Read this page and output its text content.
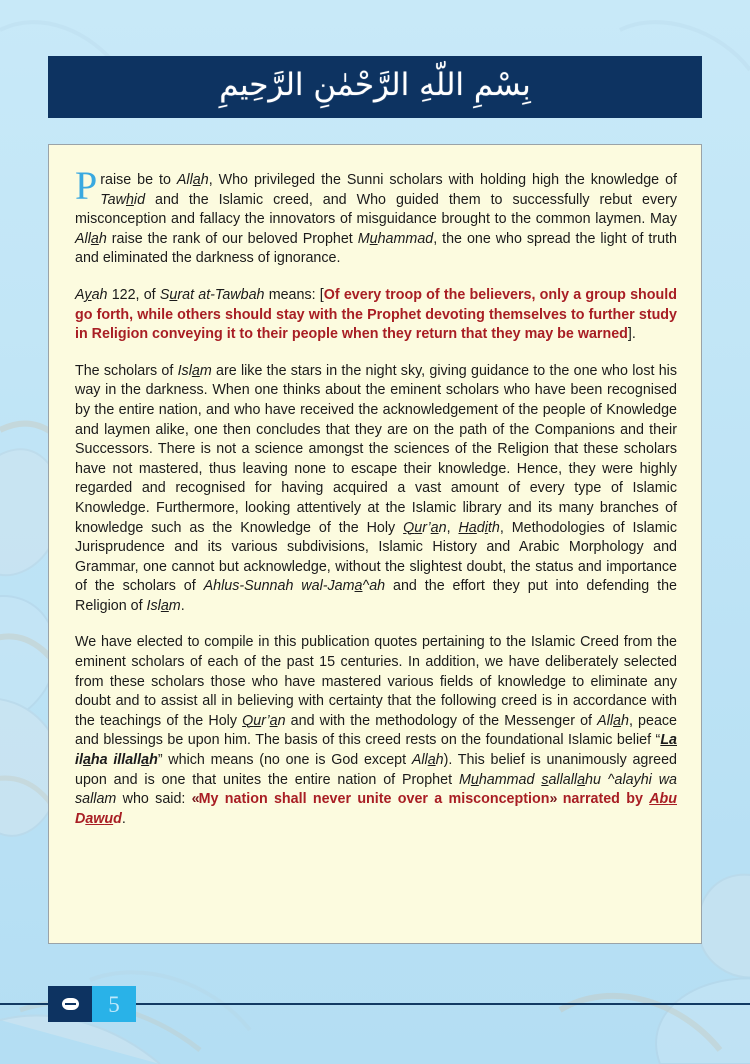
بِسْمِ اللّهِ الرَّحْمٰنِ الرَّحِيمِ

Praise be to Allah, Who privileged the Sunni scholars with holding high the knowledge of Tawhid and the Islamic creed, and Who guided them to successfully rebut every misconception and fallacy the innovators of misguidance brought to the common laymen. May Allah raise the rank of our beloved Prophet Muhammad, the one who spread the light of truth and eliminated the darkness of ignorance.

Ayah 122, of Surat at-Tawbah means: [Of every troop of the believers, only a group should go forth, while others should stay with the Prophet devoting themselves to further study in Religion conveying it to their people when they return that they may be warned].

The scholars of Islam are like the stars in the night sky, giving guidance to the one who lost his way in the darkness. When one thinks about the eminent scholars who have been recognised by the entire nation, and who have received the acknowledgement of the people of Knowledge and laymen alike, one then concludes that they are on the path of the Companions and their Successors. There is not a science amongst the sciences of the Religion that these scholars have not mastered, thus leaving none to escape their knowledge. Hence, they were highly regarded and recognised for having acquired a vast amount of every type of Islamic Knowledge. Furthermore, looking attentively at the Islamic library and its many branches of knowledge such as the Knowledge of the Holy Qur’an, Hadith, Methodologies of Islamic Jurisprudence and its various subdivisions, Islamic History and Arabic Morphology and Grammar, one cannot but acknowledge, without the slightest doubt, the status and importance of the scholars of Ahlus-Sunnah wal-Jama^ah and the effort they put into defending the Religion of Islam.

We have elected to compile in this publication quotes pertaining to the Islamic Creed from the eminent scholars of each of the past 15 centuries. In addition, we have deliberately selected from these scholars those who have mastered various fields of knowledge to eliminate any doubt and to assist all in believing with certainty that the following creed is in accordance with the teachings of the Holy Qur’an and with the methodology of the Messenger of Allah, peace and blessings be upon him. The basis of this creed rests on the foundational Islamic belief “La ilaha illallah” which means (no one is God except Allah). This belief is unanimously agreed upon and is one that unites the entire nation of Prophet Muhammad sallallahu ^alayhi wa sallam who said: «My nation shall never unite over a misconception» narrated by Abu Dawud.

5
